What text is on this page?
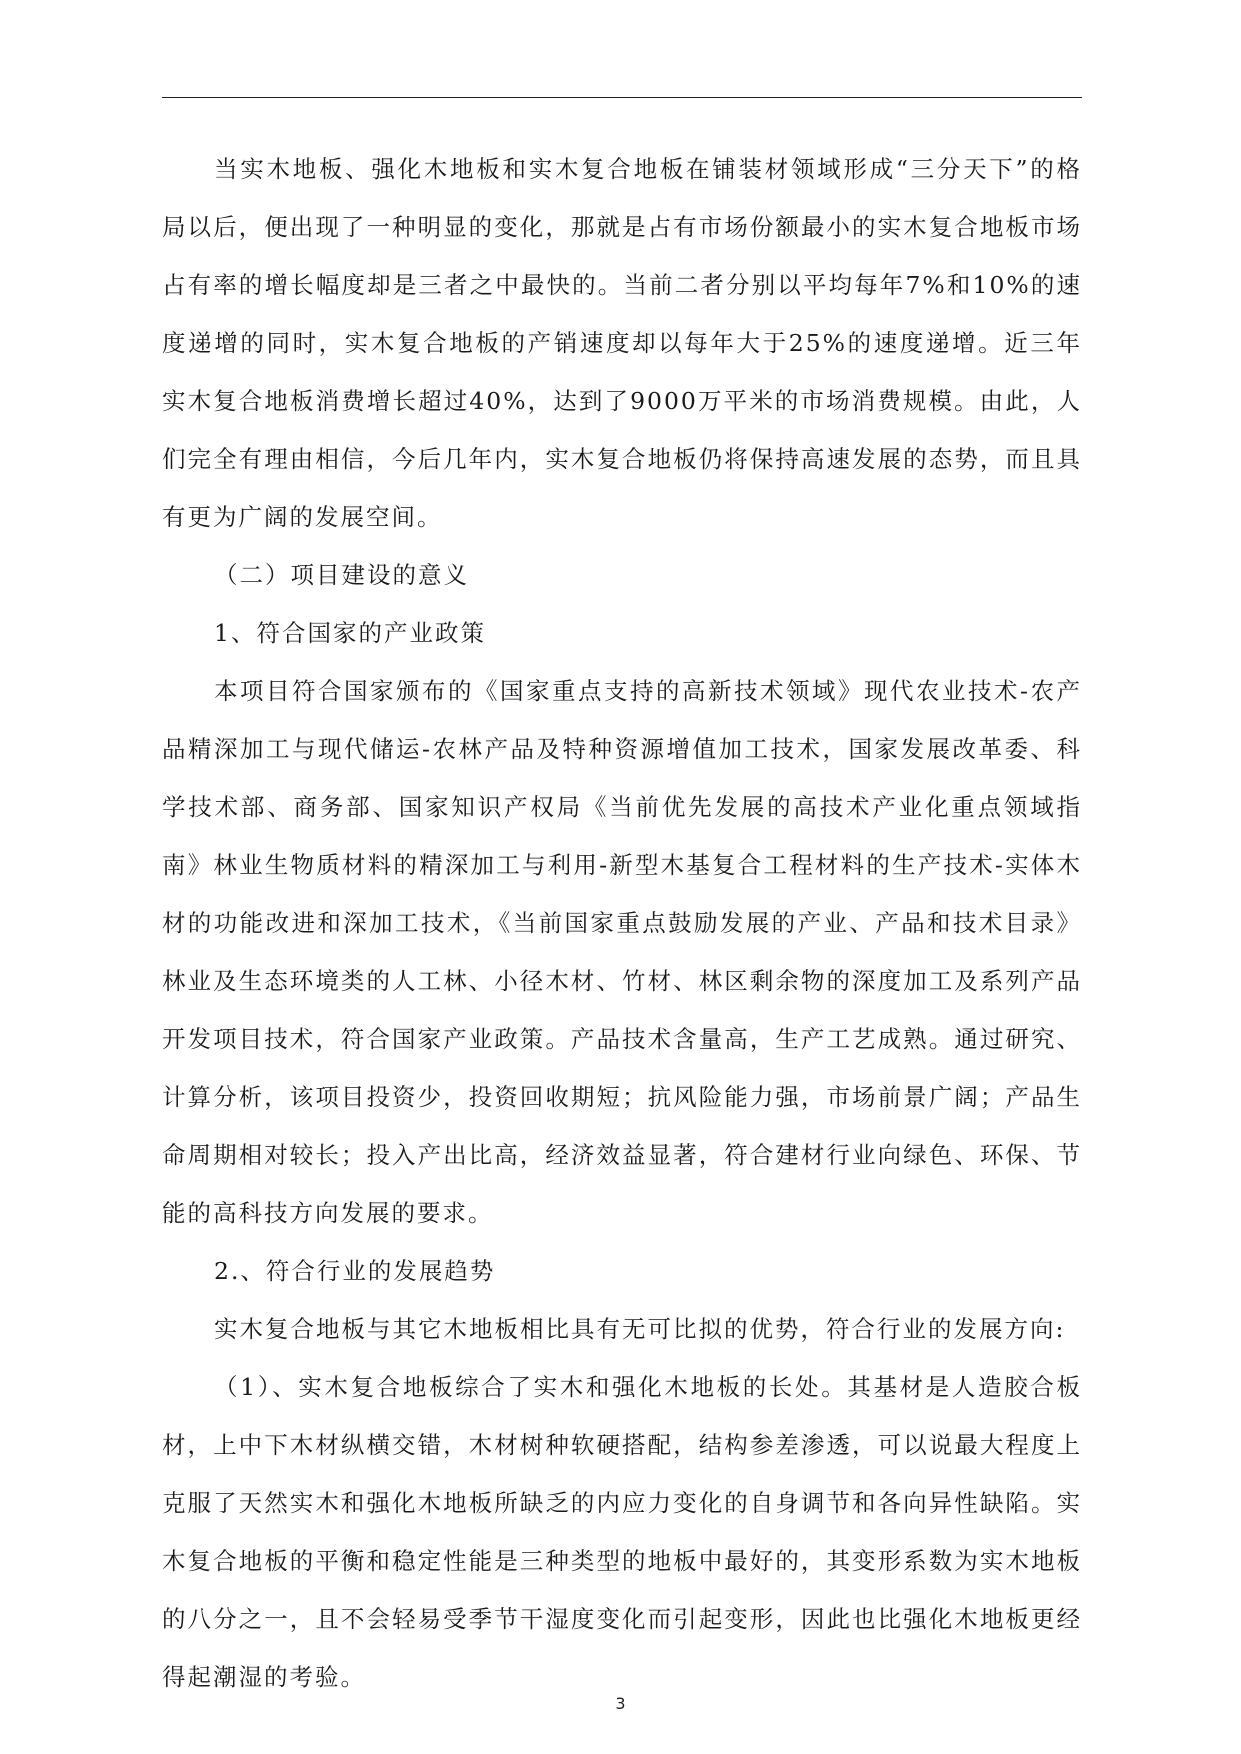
当实木地板、强化木地板和实木复合地板在铺装材领域形成“三分天下”的格局以后，便出现了一种明显的变化，那就是占有市场份额最小的实木复合地板市场占有率的增长幅度却是三者之中最快的。当前二者分别以平均每年7%和10%的速度递增的同时，实木复合地板的产销速度却以每年大于25%的速度递增。近三年实木复合地板消费增长超过40%，达到了9000万平米的市场消费规模。由此，人们完全有理由相信，今后几年内，实木复合地板仍将保持高速发展的态势，而且具有更为广阔的发展空间。

（二）项目建设的意义

1、符合国家的产业政策

本项目符合国家颁布的《国家重点支持的高新技术领域》现代农业技术-农产品精深加工与现代储运-农林产品及特种资源增值加工技术，国家发展改革委、科学技术部、商务部、国家知识产权局《当前优先发展的高技术产业化重点领域指南》林业生物质材料的精深加工与利用-新型木基复合工程材料的生产技术-实体木材的功能改进和深加工技术，《当前国家重点鼓励发展的产业、产品和技术目录》林业及生态环境类的人工林、小径木材、竹材、林区剩余物的深度加工及系列产品开发项目技术，符合国家产业政策。产品技术含量高，生产工艺成熟。通过研究、计算分析，该项目投资少，投资回收期短；抗风险能力强，市场前景广阔；产品生命周期相对较长；投入产出比高，经济效益显著，符合建材行业向绿色、环保、节能的高科技方向发展的要求。

2.、符合行业的发展趋势

实木复合地板与其它木地板相比具有无可比拟的优势，符合行业的发展方向:

（1）、实木复合地板综合了实木和强化木地板的长处。其基材是人造胶合板材，上中下木材纵横交错，木材树种软硬搭配，结构参差渗透，可以说最大程度上克服了天然实木和强化木地板所缺乏的内应力变化的自身调节和各向异性缺陷。实木复合地板的平衡和稳定性能是三种类型的地板中最好的，其变形系数为实木地板的八分之一，且不会轻易受季节干湿度变化而引起变形，因此也比强化木地板更经得起潮湿的考验。

3
